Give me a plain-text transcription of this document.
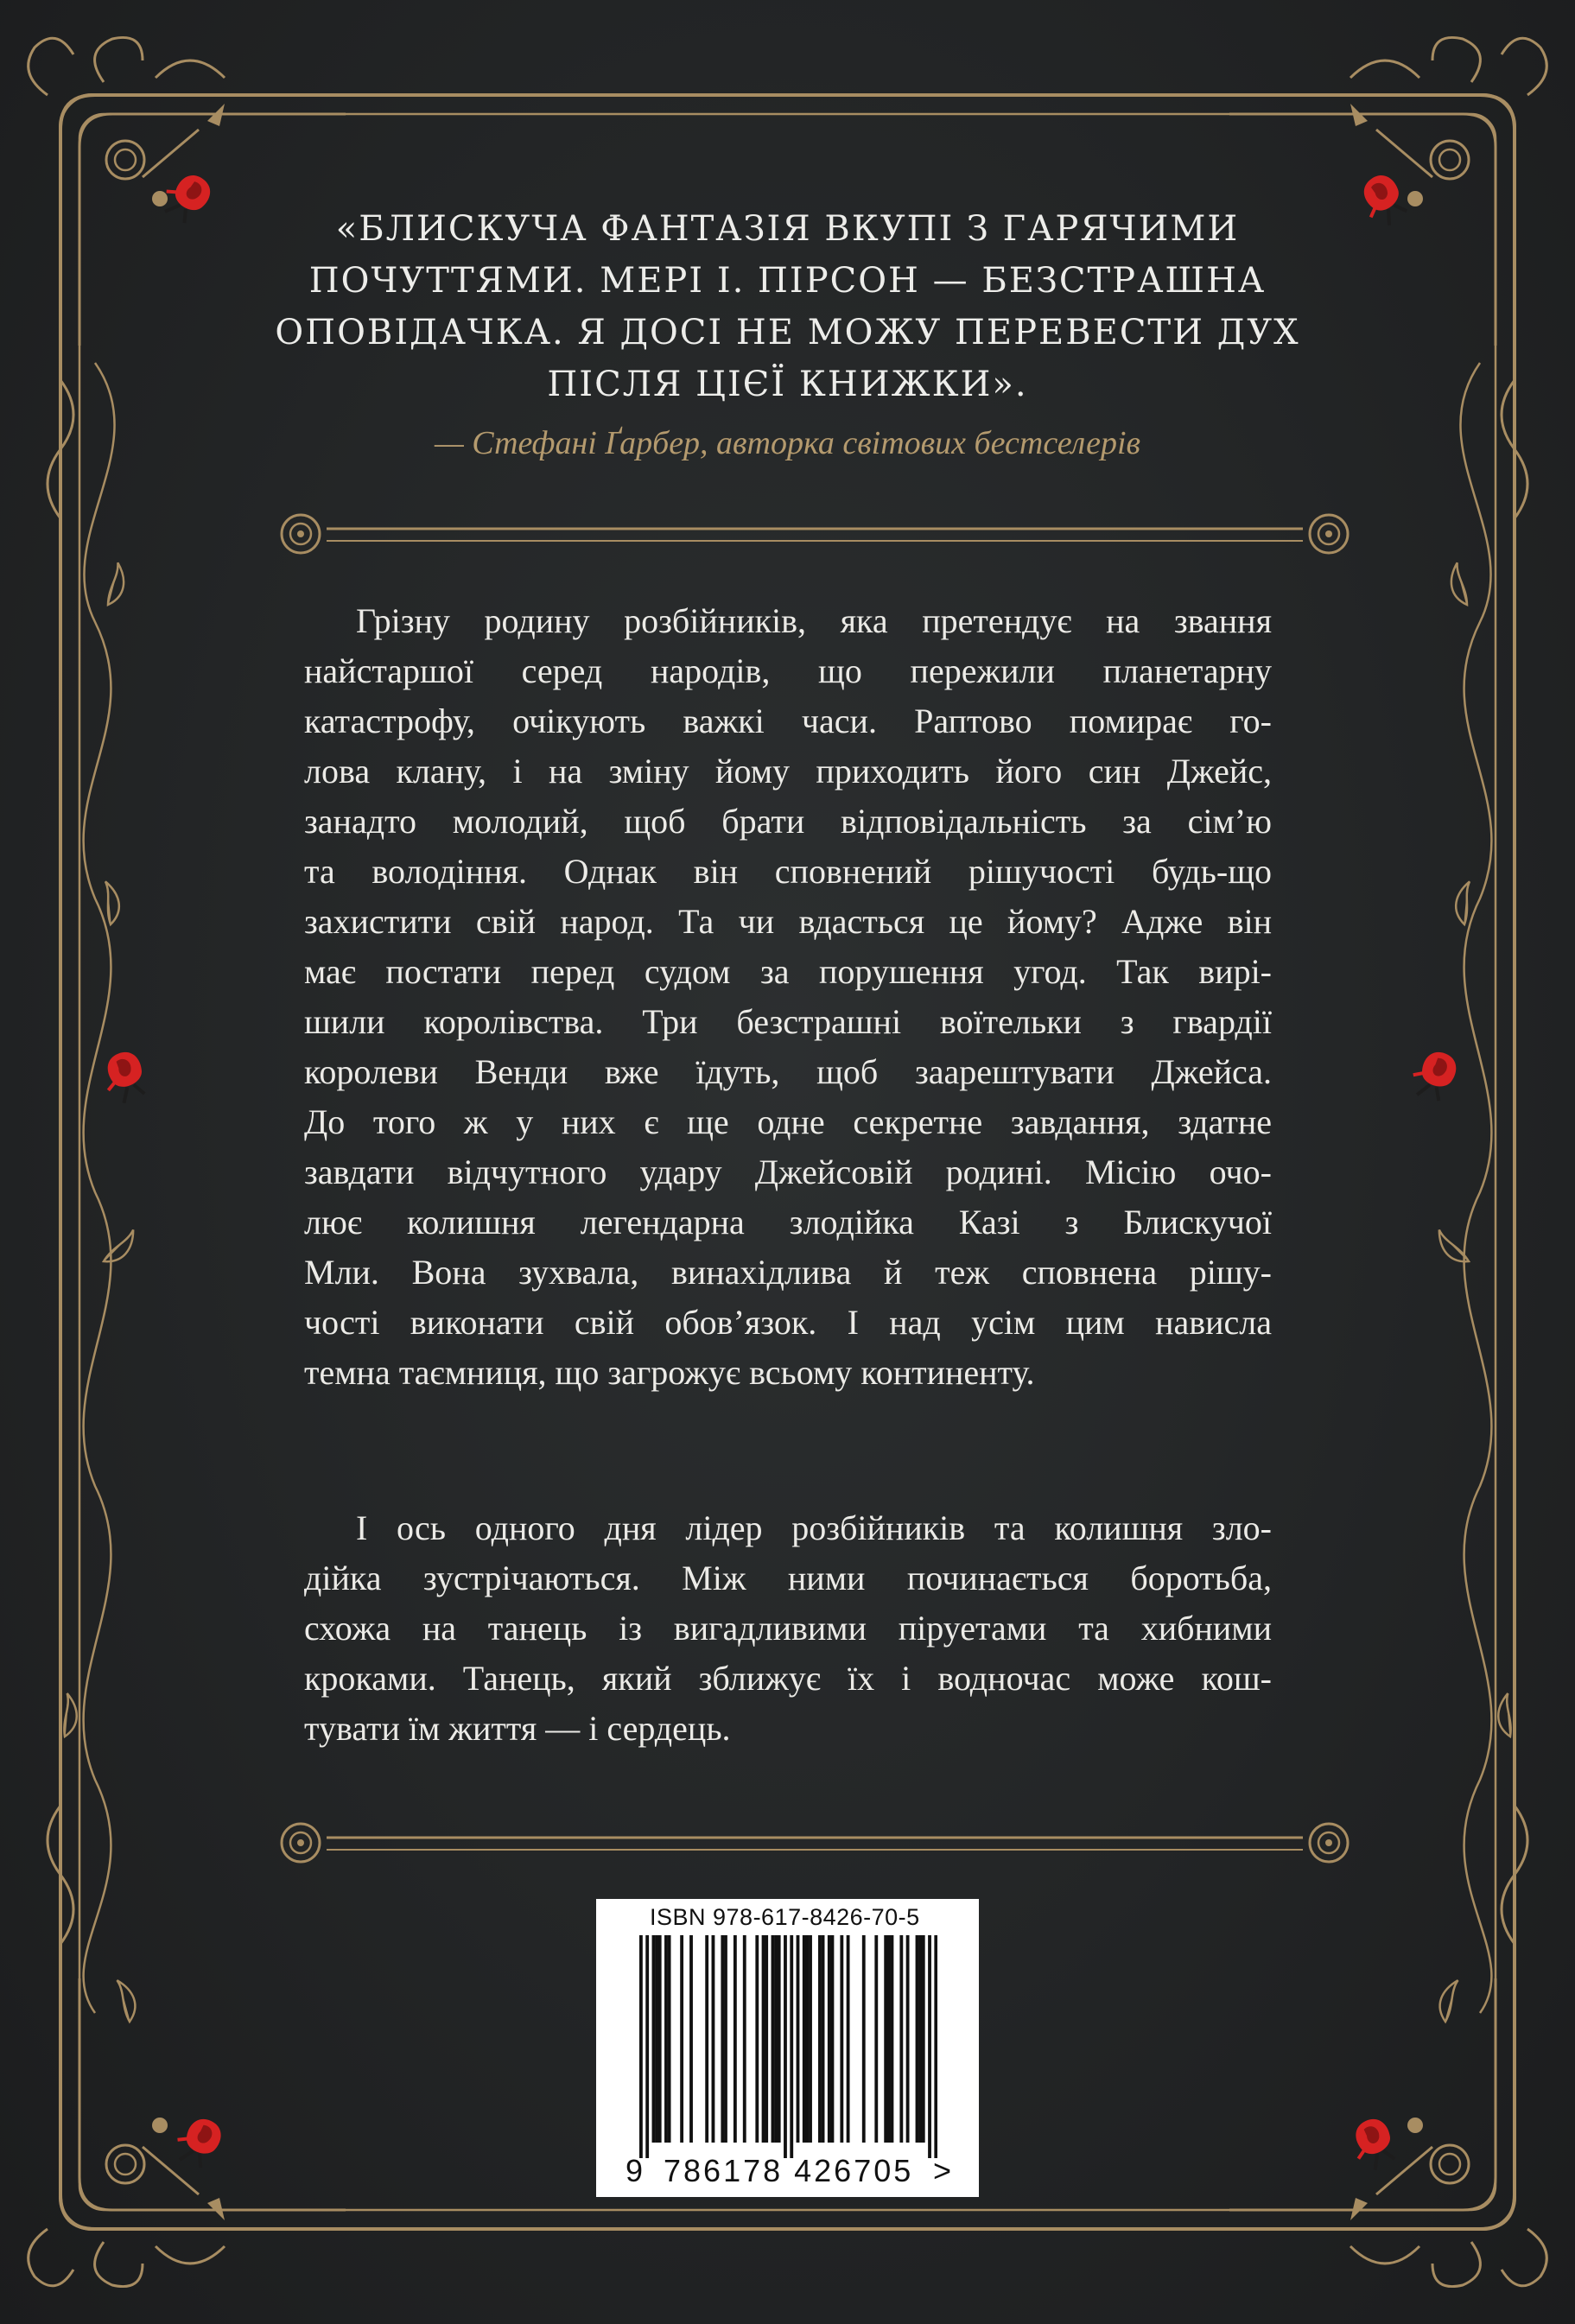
«БЛИСКУЧА ФАНТАЗІЯ ВКУПІ З ГАРЯЧИМИ
ПОЧУТТЯМИ. МЕРІ І. ПІРСОН — БЕЗСТРАШНА
ОПОВІДАЧКА. Я ДОСІ НЕ МОЖУ ПЕРЕВЕСТИ ДУХ
ПІСЛЯ ЦІЄЇ КНИЖКИ».
— Стефані Ґарбер, авторка світових бестселерів
Грізну родину розбійників, яка претендує на звання
найстаршої серед народів, що пережили планетарну
катастрофу, очікують важкі часи. Раптово помирає го-
лова клану, і на зміну йому приходить його син Джейс,
занадто молодий, щоб брати відповідальність за сім’ю
та володіння. Однак він сповнений рішучості будь-що
захистити свій народ. Та чи вдасться це йому? Адже він
має постати перед судом за порушення угод. Так вирі-
шили королівства. Три безстрашні воїтельки з гвардії
королеви Венди вже їдуть, щоб заарештувати Джейса.
До того ж у них є ще одне секретне завдання, здатне
завдати відчутного удару Джейсовій родині. Місію очо-
лює колишня легендарна злодійка Казі з Блискучої
Мли. Вона зухвала, винахідлива й теж сповнена рішу-
чості виконати свій обов’язок. І над усім цим нависла
темна таємниця, що загрожує всьому континенту.
І ось одного дня лідер розбійників та колишня зло-
дійка зустрічаються. Між ними починається боротьба,
схожа на танець із вигадливими піруетами та хибними
кроками. Танець, який зближує їх і водночас може кош-
тувати їм життя — і сердець.
ISBN 978-617-8426-70-5
9 786178 426705 >
